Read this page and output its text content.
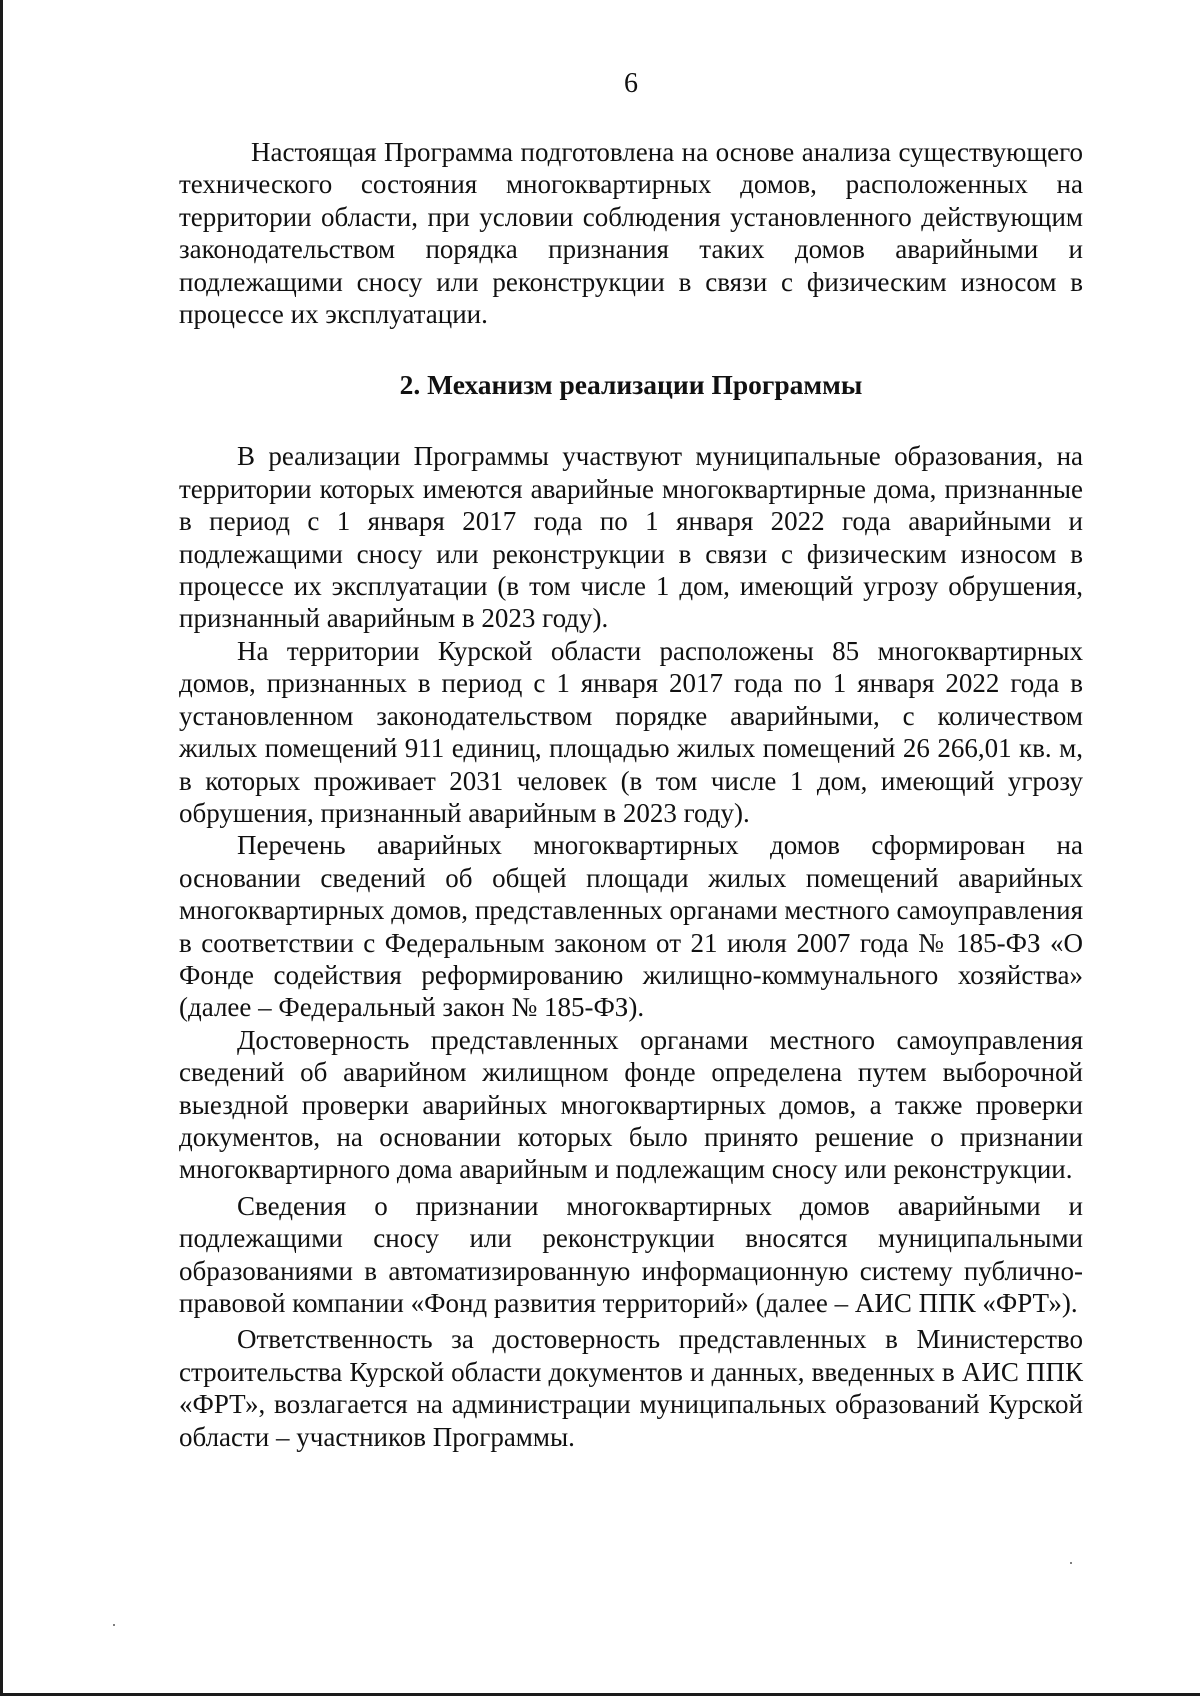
6

Настоящая Программа подготовлена на основе анализа существующего технического состояния многоквартирных домов, расположенных на территории области, при условии соблюдения установленного действующим законодательством порядка признания таких домов аварийными и подлежащими сносу или реконструкции в связи с физическим износом в процессе их эксплуатации.

2. Механизм реализации Программы

В реализации Программы участвуют муниципальные образования, на территории которых имеются аварийные многоквартирные дома, признанные в период с 1 января 2017 года по 1 января 2022 года аварийными и подлежащими сносу или реконструкции в связи с физическим износом в процессе их эксплуатации (в том числе 1 дом, имеющий угрозу обрушения, признанный аварийным в 2023 году).

На территории Курской области расположены 85 многоквартирных домов, признанных в период с 1 января 2017 года по 1 января 2022 года в установленном законодательством порядке аварийными, с количеством жилых помещений 911 единиц, площадью жилых помещений 26 266,01 кв. м, в которых проживает 2031 человек (в том числе 1 дом, имеющий угрозу обрушения, признанный аварийным в 2023 году).

Перечень аварийных многоквартирных домов сформирован на основании сведений об общей площади жилых помещений аварийных многоквартирных домов, представленных органами местного самоуправления в соответствии с Федеральным законом от 21 июля 2007 года № 185-ФЗ «О Фонде содействия реформированию жилищно-коммунального хозяйства» (далее – Федеральный закон № 185-ФЗ).

Достоверность представленных органами местного самоуправления сведений об аварийном жилищном фонде определена путем выборочной выездной проверки аварийных многоквартирных домов, а также проверки документов, на основании которых было принято решение о признании многоквартирного дома аварийным и подлежащим сносу или реконструкции.

Сведения о признании многоквартирных домов аварийными и подлежащими сносу или реконструкции вносятся муниципальными образованиями в автоматизированную информационную систему публично-правовой компании «Фонд развития территорий» (далее – АИС ППК «ФРТ»).

Ответственность за достоверность представленных в Министерство строительства Курской области документов и данных, введенных в АИС ППК «ФРТ», возлагается на администрации муниципальных образований Курской области – участников Программы.
